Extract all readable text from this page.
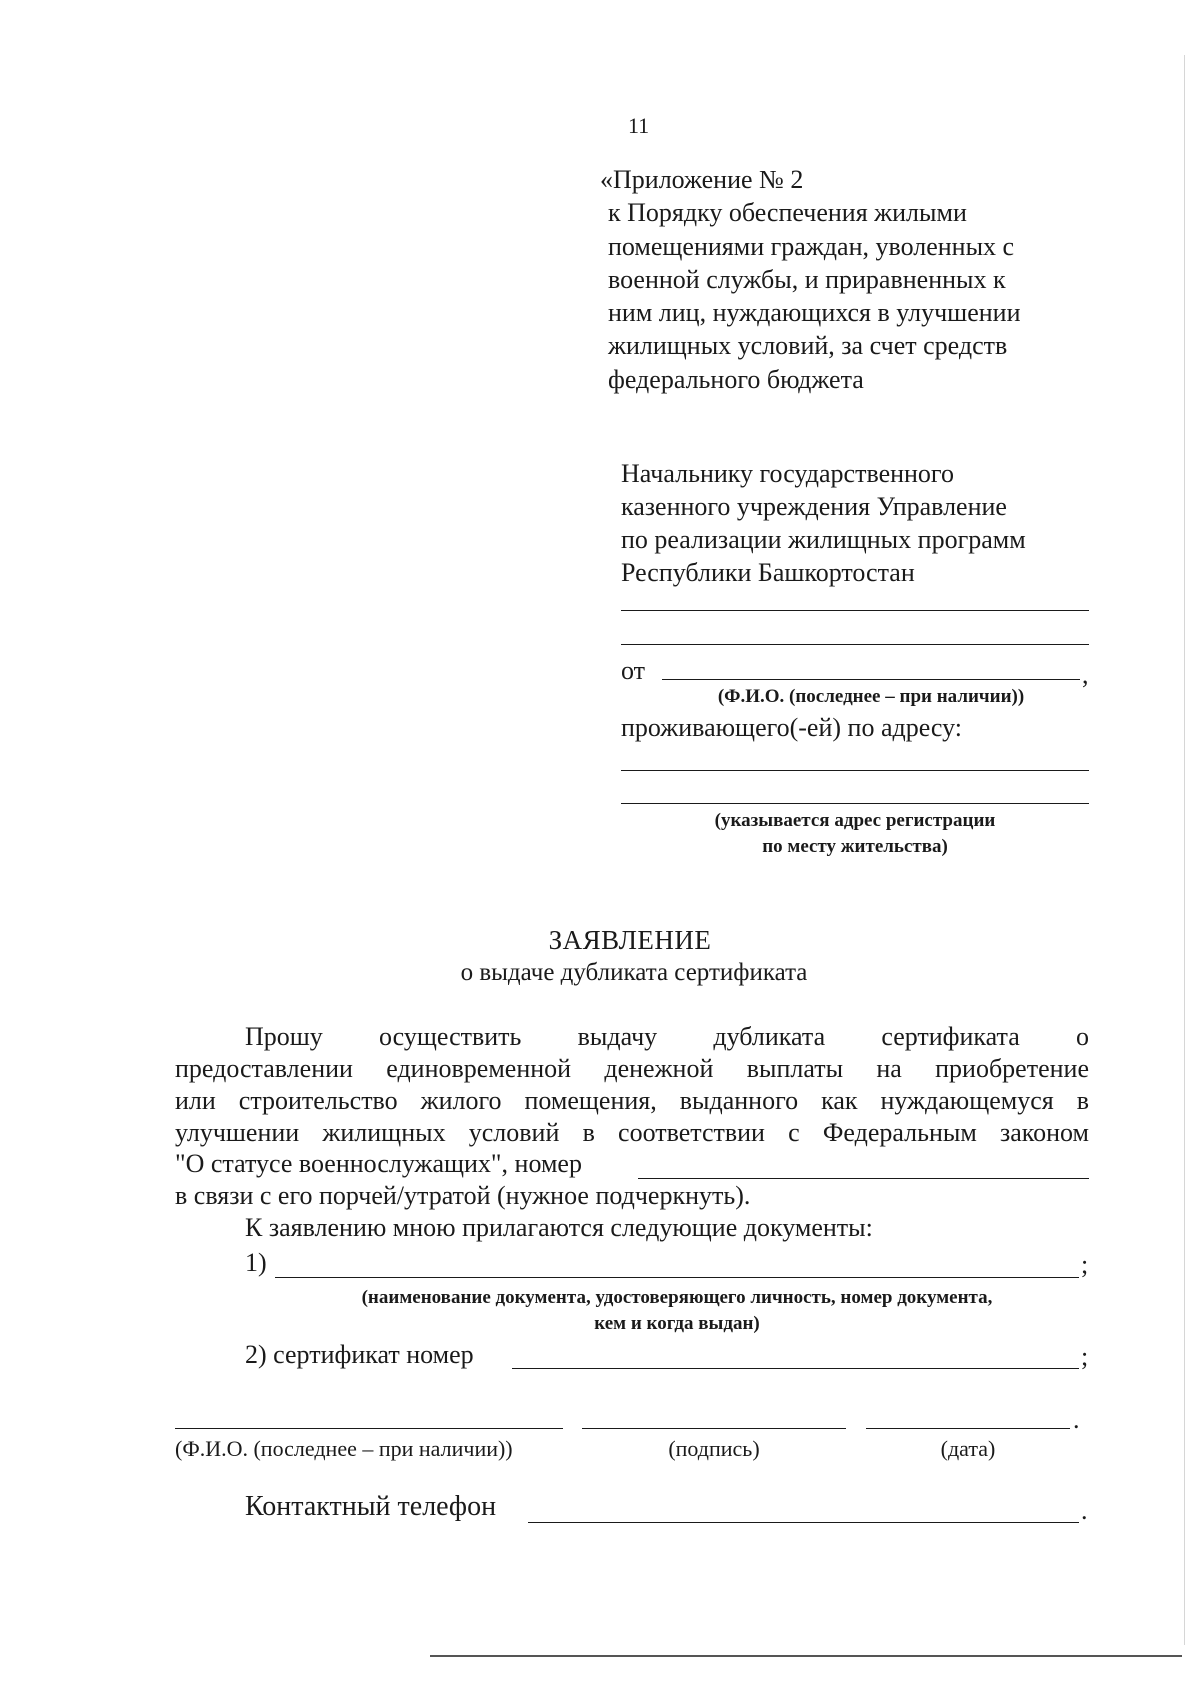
11

«Приложение № 2
к Порядку обеспечения жилыми
помещениями граждан, уволенных с
военной службы, и приравненных к
ним лиц, нуждающихся в улучшении
жилищных условий, за счет средств
федерального бюджета
Начальнику государственного
казенного учреждения Управление
по реализации жилищных программ
Республики Башкортостан
от	,
(Ф.И.О. (последнее – при наличии))
проживающего(-ей) по адресу:
(указывается адрес регистрации
по месту жительства)
ЗАЯВЛЕНИЕ
о выдаче дубликата сертификата
Прошу осуществить выдачу дубликата сертификата о
предоставлении единовременной денежной выплаты на приобретение
или строительство жилого помещения, выданного как нуждающемуся в
улучшении жилищных условий в соответствии с Федеральным законом
"О статусе военнослужащих", номер
в связи с его порчей/утратой (нужное подчеркнуть).
К заявлению мною прилагаются следующие документы:
1)	;
(наименование документа, удостоверяющего личность, номер документа,
кем и когда выдан)
2) сертификат номер	;
.
(Ф.И.О. (последнее – при наличии))	(подпись)	(дата)
Контактный телефон	.
